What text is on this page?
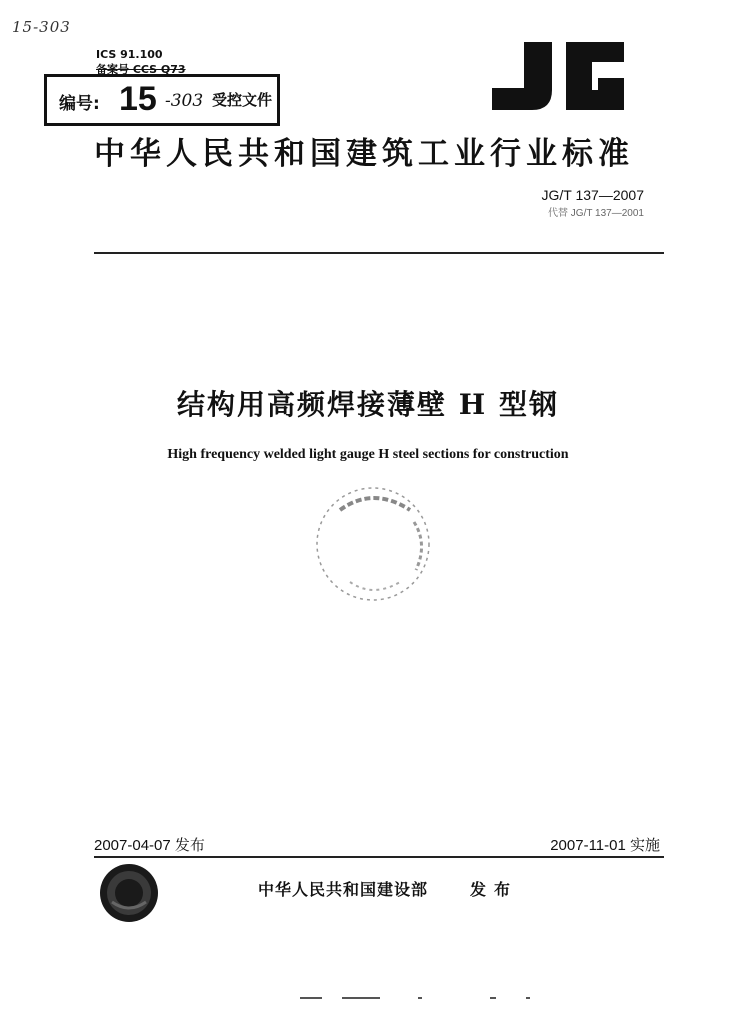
15-303
ICS 91.100
备案号 CCS Q73
编号: 15 -303 受控文件
中华人民共和国建筑工业行业标准
JG/T 137—2007
代替 JG/T 137—2001
结构用高频焊接薄壁 H 型钢
High frequency welded light gauge H steel sections for construction
2007-04-07 发布	2007-11-01 实施
中华人民共和国建设部	发布
